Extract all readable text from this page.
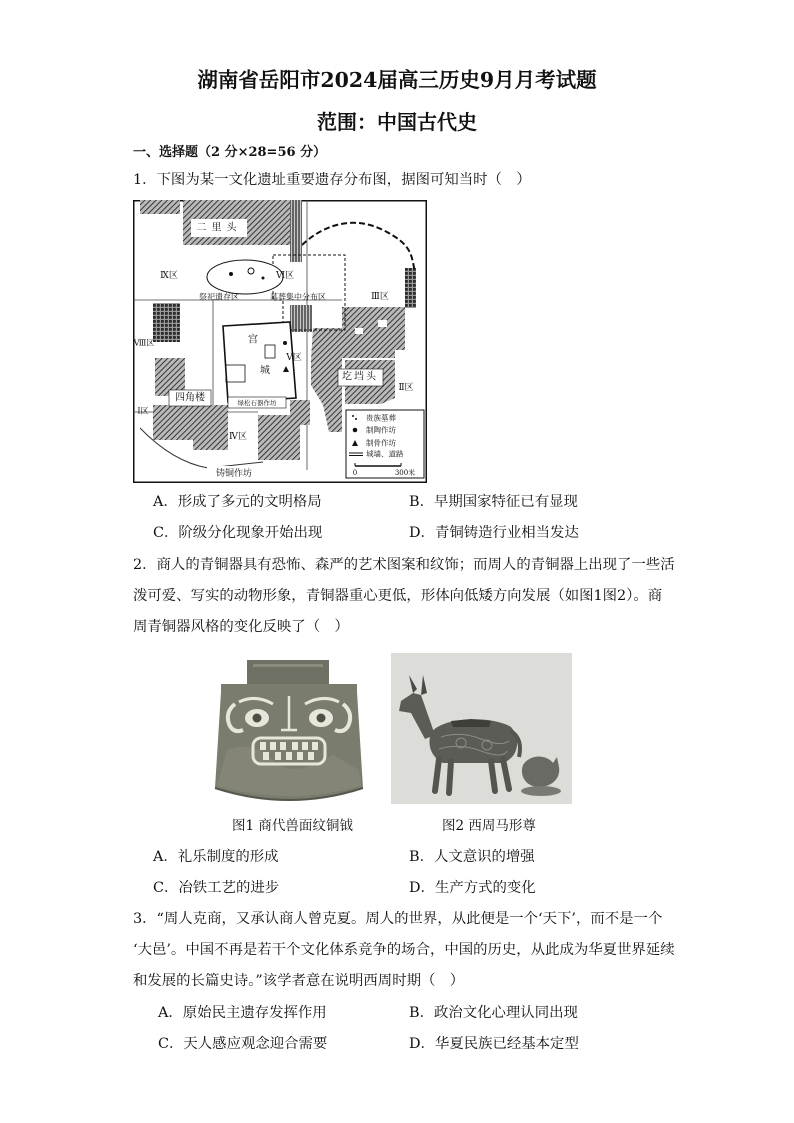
湖南省岳阳市2024届高三历史9月月考试题
范围：中国古代史
一、选择题（2 分×28=56 分）
1．下图为某一文化遗址重要遗存分布图，据图可知当时（　）
二里头
Ⅸ区	Ⅵ区
祭祀遗存区	墓葬集中分布区	Ⅲ区
Ⅷ区	宫
城
Ⅴ区
圪垱头
Ⅱ区
四角楼	绿松石器作坊
Ⅰ区
Ⅳ区
铸铜作坊
贵族墓葬
制陶作坊
制骨作坊
城墙、道路
0	300米
A．形成了多元的文明格局	B．早期国家特征已有显现
C．阶级分化现象开始出现	D．青铜铸造行业相当发达
2．商人的青铜器具有恐怖、森严的艺术图案和纹饰；而周人的青铜器上出现了一些活
泼可爱、写实的动物形象，青铜器重心更低，形体向低矮方向发展（如图1图2）。商
周青铜器风格的变化反映了（　）
图1 商代兽面纹铜钺	图2 西周马形尊
A．礼乐制度的形成	B．人文意识的增强
C．冶铁工艺的进步	D．生产方式的变化
3．“周人克商，又承认商人曾克夏。周人的世界，从此便是一个‘天下’，而不是一个
‘大邑’。中国不再是若干个文化体系竞争的场合，中国的历史，从此成为华夏世界延续
和发展的长篇史诗。”该学者意在说明西周时期（　）
A．原始民主遗存发挥作用	B．政治文化心理认同出现
C．天人感应观念迎合需要	D．华夏民族已经基本定型
